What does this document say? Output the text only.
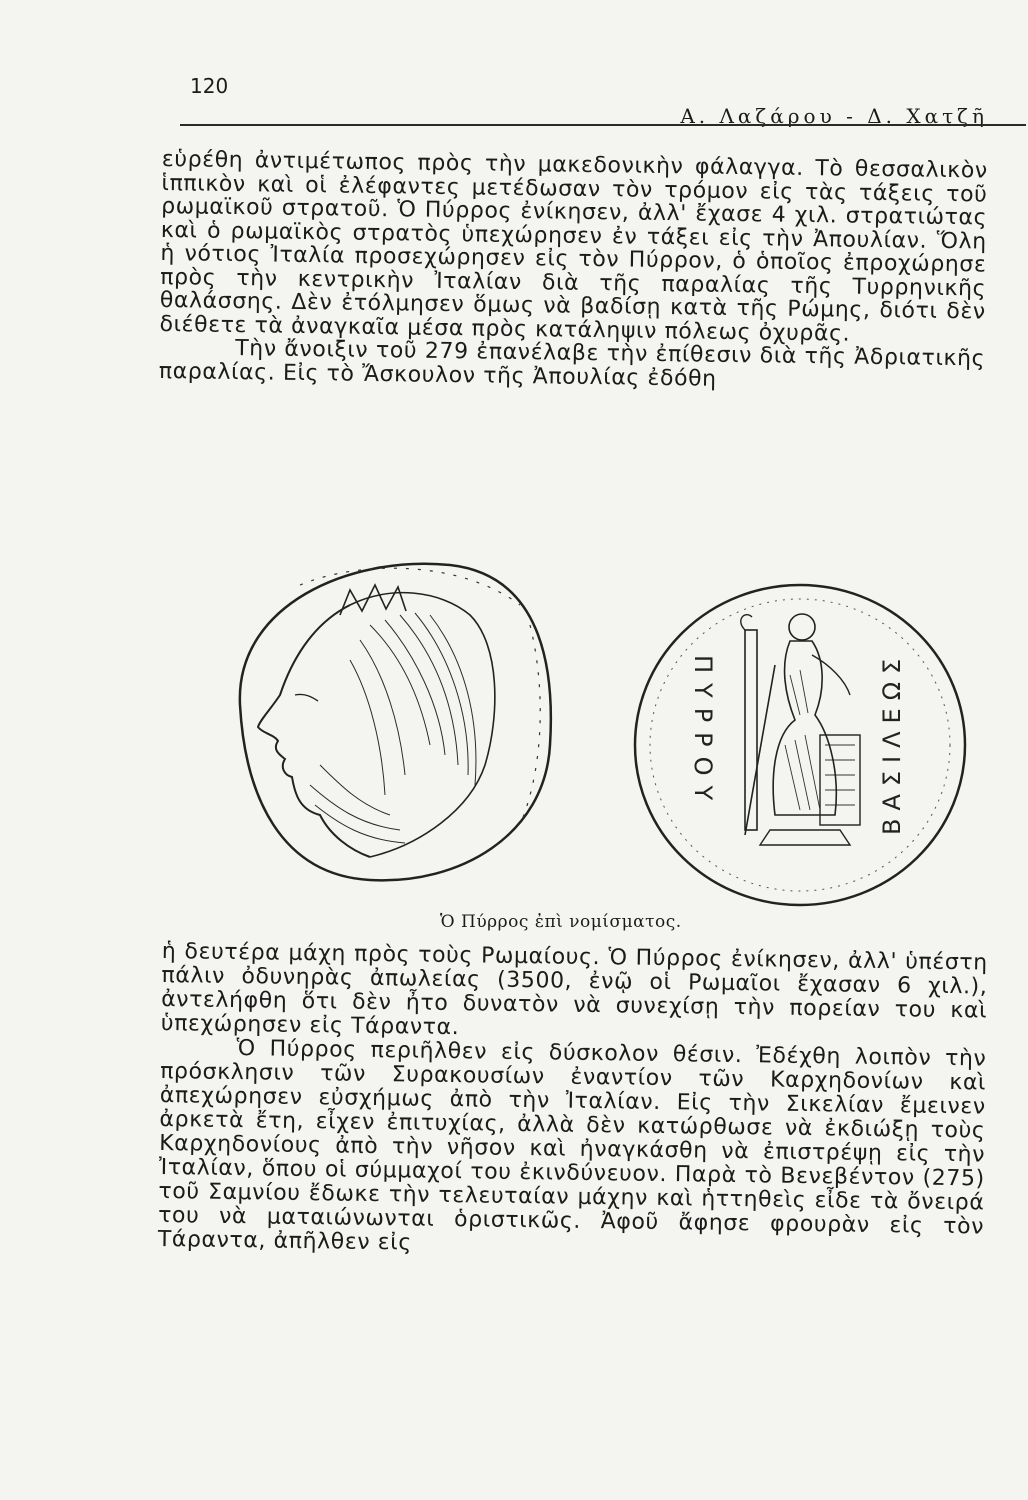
120
Α. Λαζάρου - Δ. Χατζῆ

εὑρέθη ἀντιμέτωπος πρὸς τὴν μακεδονικὴν φάλαγγα. Τὸ θεσσαλικὸν ἱππικὸν καὶ οἱ ἐλέφαντες μετέδωσαν τὸν τρόμον εἰς τὰς τάξεις τοῦ ρωμαϊκοῦ στρατοῦ. Ὁ Πύρρος ἐνίκησεν, ἀλλ' ἔχασε 4 χιλ. στρατιώτας καὶ ὁ ρωμαϊκὸς στρατὸς ὑπεχώρησεν ἐν τάξει εἰς τὴν Ἀπουλίαν. Ὅλη ἡ νότιος Ἰταλία προσεχώρησεν εἰς τὸν Πύρρον, ὁ ὁποῖος ἐπροχώρησε πρὸς τὴν κεντρικὴν Ἰταλίαν διὰ τῆς παραλίας τῆς Τυρρηνικῆς θαλάσσης. Δὲν ἐτόλμησεν ὅμως νὰ βαδίσῃ κατὰ τῆς Ρώμης, διότι δὲν διέθετε τὰ ἀναγκαῖα μέσα πρὸς κατάληψιν πόλεως ὀχυρᾶς.

Τὴν ἄνοιξιν τοῦ 279 ἐπανέλαβε τὴν ἐπίθεσιν διὰ τῆς Ἀδριατικῆς παραλίας. Εἰς τὸ Ἄσκουλον τῆς Ἀπουλίας ἐδόθη

ΠΥΡΡΟΥ	ΒΑΣΙΛΕΩΣ
Ὁ Πύρρος ἐπὶ νομίσματος.

ἡ δευτέρα μάχη πρὸς τοὺς Ρωμαίους. Ὁ Πύρρος ἐνίκησεν, ἀλλ' ὑπέστη πάλιν ὀδυνηρὰς ἀπωλείας (3500, ἐνῷ οἱ Ρωμαῖοι ἔχασαν 6 χιλ.), ἀντελήφθη ὅτι δὲν ἦτο δυνατὸν νὰ συνεχίσῃ τὴν πορείαν του καὶ ὑπεχώρησεν εἰς Τάραντα.

Ὁ Πύρρος περιῆλθεν εἰς δύσκολον θέσιν. Ἐδέχθη λοιπὸν τὴν πρόσκλησιν τῶν Συρακουσίων ἐναντίον τῶν Καρχηδονίων καὶ ἀπεχώρησεν εὐσχήμως ἀπὸ τὴν Ἰταλίαν. Εἰς τὴν Σικελίαν ἔμεινεν ἀρκετὰ ἔτη, εἶχεν ἐπιτυχίας, ἀλλὰ δὲν κατώρθωσε νὰ ἐκδιώξῃ τοὺς Καρχηδονίους ἀπὸ τὴν νῆσον καὶ ἠναγκάσθη νὰ ἐπιστρέψῃ εἰς τὴν Ἰταλίαν, ὅπου οἱ σύμμαχοί του ἐκινδύνευον. Παρὰ τὸ Βενεβέντον (275) τοῦ Σαμνίου ἔδωκε τὴν τελευταίαν μάχην καὶ ἡττηθεὶς εἶδε τὰ ὄνειρά του νὰ ματαιώνωνται ὁριστικῶς. Ἀφοῦ ἄφησε φρουρὰν εἰς τὸν Τάραντα, ἀπῆλθεν εἰς
